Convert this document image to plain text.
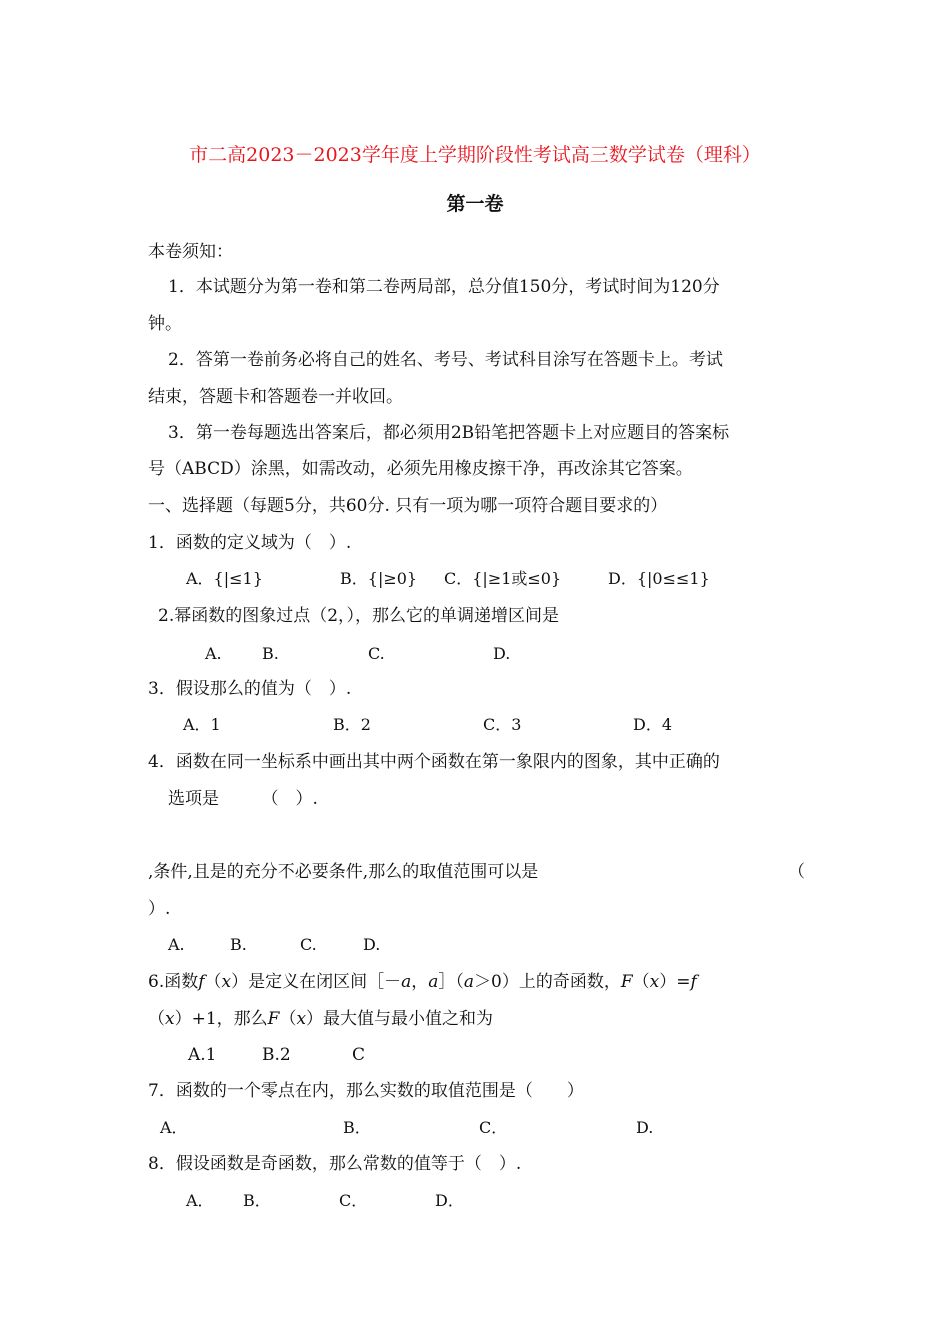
市二高2023－2023学年度上学期阶段性考试高三数学试卷（理科）
第一卷
本卷须知：
1．本试题分为第一卷和第二卷两局部，总分值150分，考试时间为120分
钟。
2．答第一卷前务必将自己的姓名、考号、考试科目涂写在答题卡上。考试
结束，答题卡和答题卷一并收回。
3．第一卷每题选出答案后，都必须用2B铅笔把答题卡上对应题目的答案标
号（ABCD）涂黑，如需改动，必须先用橡皮擦干净，再改涂其它答案。
一、选择题（每题5分，共60分. 只有一项为哪一项符合题目要求的）
1．函数的定义域为（　）.
A．{|≤1}	B．{|≥0} C．{|≥1或≤0}	D．{|0≤≤1}
2.幂函数的图象过点（2，），那么它的单调递增区间是
A.	B.	C.	D.
3．假设那么的值为（　）.
A．1	B．2	C．3	D．4
4．函数在同一坐标系中画出其中两个函数在第一象限内的图象，其中正确的
选项是　　　（　）.
,条件,且是的充分不必要条件,那么的取值范围可以是	（
）.
A.	B.	C.	D.
6.函数f（x）是定义在闭区间［－a，a］（a＞0）上的奇函数，F（x）=f
（x）+1，那么F（x）最大值与最小值之和为
A.1	B.2	C
7．函数的一个零点在内，那么实数的取值范围是（　　）
A．	B．	C．	D.
8．假设函数是奇函数，那么常数的值等于（　）.
A． B．	C．	D．
